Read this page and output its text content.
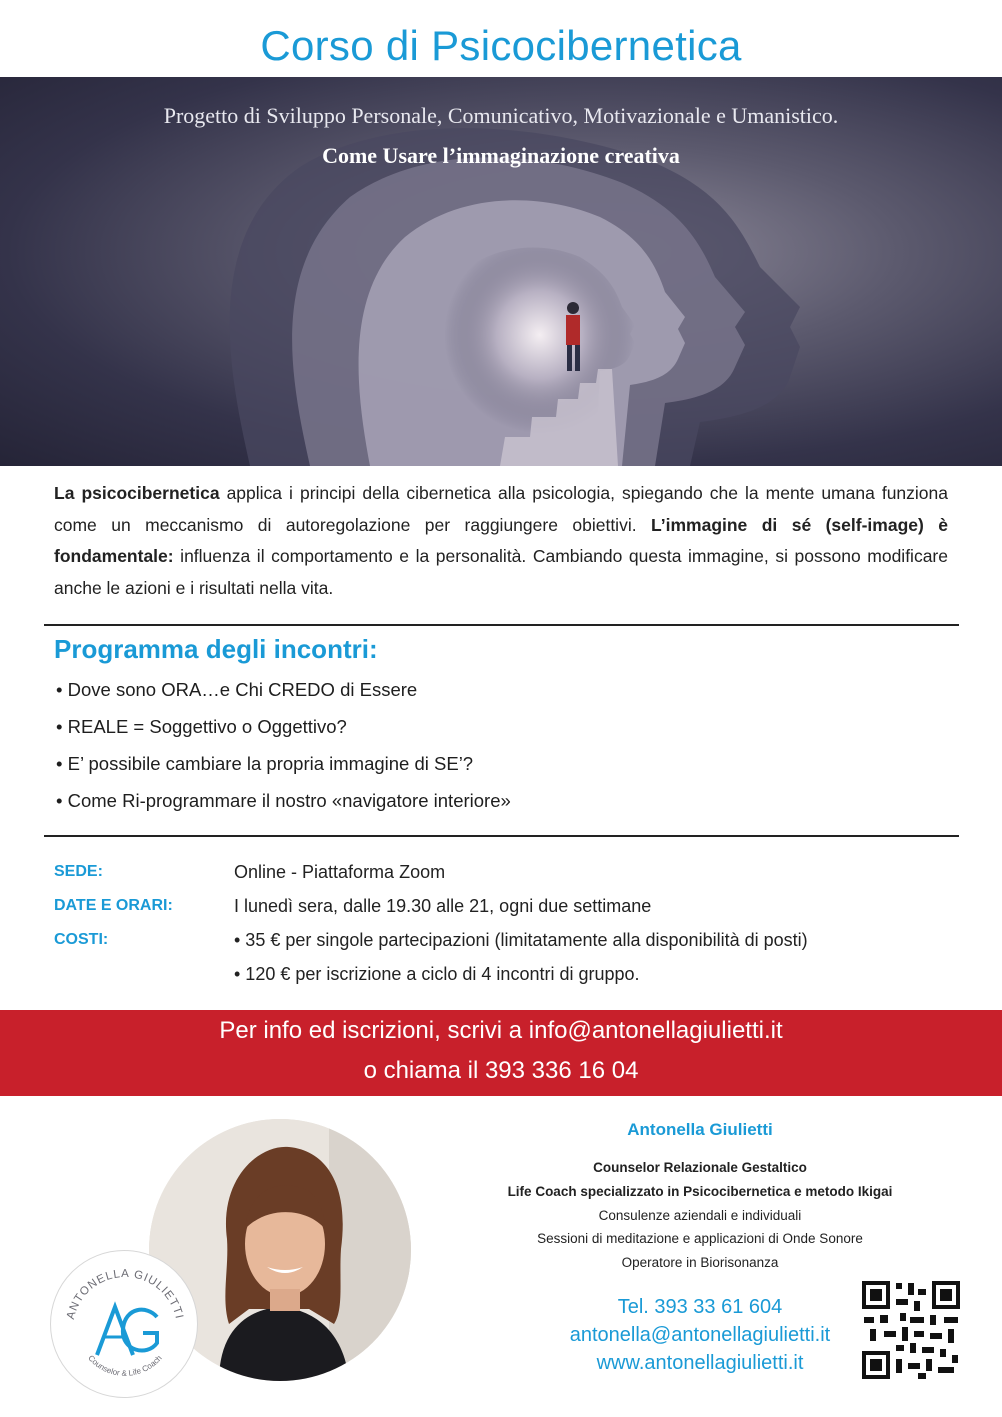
Corso di Psicocibernetica
Progetto di Sviluppo Personale, Comunicativo, Motivazionale e Umanistico.
Come Usare l’immaginazione creativa
La psicocibernetica applica i principi della cibernetica alla psicologia, spiegando che la mente umana funziona come un meccanismo di autoregolazione per raggiungere obiettivi. L’immagine di sé (self-image) è fondamentale: influenza il comportamento e la personalità. Cambiando questa immagine, si possono modificare anche le azioni e i risultati nella vita.
Programma degli incontri:
• Dove sono ORA…e Chi CREDO di Essere
• REALE = Soggettivo o Oggettivo?
• E’ possibile cambiare la propria immagine di SE’?
• Come Ri-programmare il nostro «navigatore interiore»
SEDE:	Online - Piattaforma Zoom
DATE E ORARI:	I lunedì sera, dalle 19.30 alle 21, ogni due settimane
COSTI:	• 35 € per singole partecipazioni (limitatamente alla disponibilità di posti)
• 120 € per iscrizione a ciclo di 4 incontri di gruppo.
Per info ed iscrizioni, scrivi a info@antonellagiulietti.it
o chiama il 393 336 16 04
ANTONELLA GIULIETTI
Counselor & Life Coach
Antonella Giulietti
Counselor Relazionale Gestaltico
Life Coach specializzato in Psicocibernetica e metodo Ikigai
Consulenze aziendali e individuali
Sessioni di meditazione e applicazioni di Onde Sonore
Operatore in Biorisonanza
Tel. 393 33 61 604
antonella@antonellagiulietti.it
www.antonellagiulietti.it
